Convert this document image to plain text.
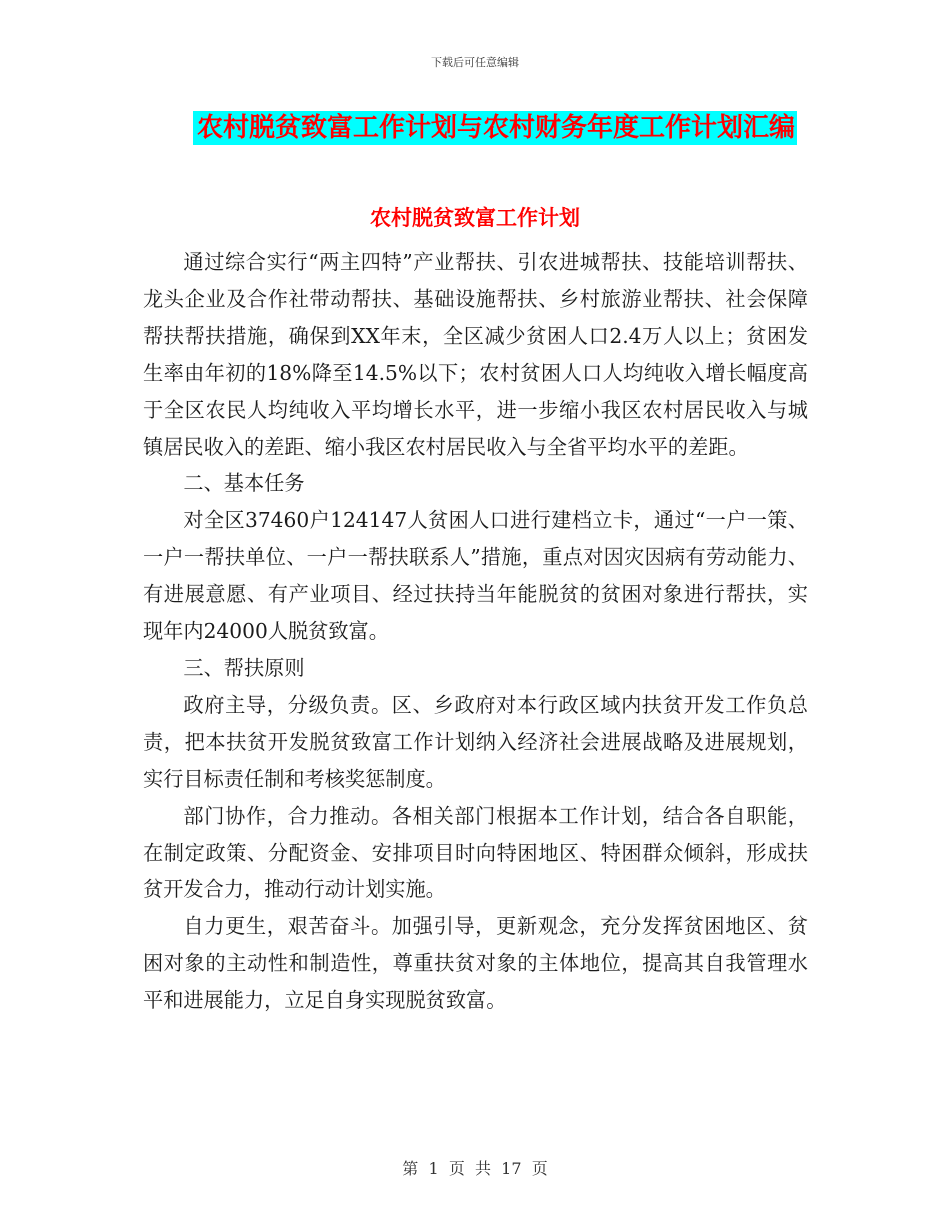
下载后可任意编辑
农村脱贫致富工作计划与农村财务年度工作计划汇编
农村脱贫致富工作计划

通过综合实行“两主四特”产业帮扶、引农进城帮扶、技能培训帮扶、龙头企业及合作社带动帮扶、基础设施帮扶、乡村旅游业帮扶、社会保障帮扶帮扶措施，确保到XX年末，全区减少贫困人口2.4万人以上；贫困发生率由年初的18%降至14.5%以下；农村贫困人口人均纯收入增长幅度高于全区农民人均纯收入平均增长水平，进一步缩小我区农村居民收入与城镇居民收入的差距、缩小我区农村居民收入与全省平均水平的差距。

二、基本任务

对全区37460户124147人贫困人口进行建档立卡，通过“一户一策、一户一帮扶单位、一户一帮扶联系人”措施，重点对因灾因病有劳动能力、有进展意愿、有产业项目、经过扶持当年能脱贫的贫困对象进行帮扶，实现年内24000人脱贫致富。

三、帮扶原则

政府主导，分级负责。区、乡政府对本行政区域内扶贫开发工作负总责，把本扶贫开发脱贫致富工作计划纳入经济社会进展战略及进展规划，实行目标责任制和考核奖惩制度。

部门协作，合力推动。各相关部门根据本工作计划，结合各自职能，在制定政策、分配资金、安排项目时向特困地区、特困群众倾斜，形成扶贫开发合力，推动行动计划实施。

自力更生，艰苦奋斗。加强引导，更新观念，充分发挥贫困地区、贫困对象的主动性和制造性，尊重扶贫对象的主体地位，提高其自我管理水平和进展能力，立足自身实现脱贫致富。

第  1  页  共  17  页
